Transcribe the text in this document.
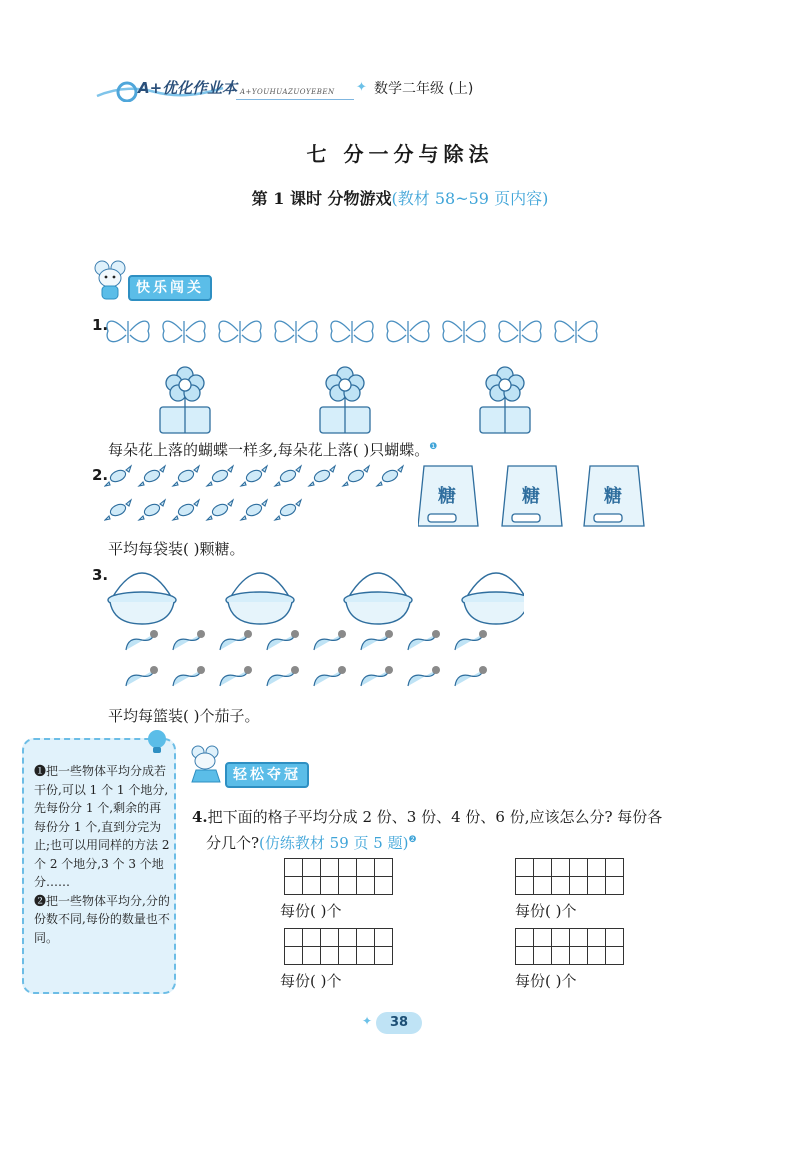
A+优化作业本 A+YOUHUAZUOYEBEN ✦ 数学二年级 (上)
七 分一分与除法
第 1 课时 分物游戏(教材 58~59 页内容)
快乐闯关
1.
每朵花上落的蝴蝶一样多,每朵花上落( )只蝴蝶。$^❶$
2.
糖	糖	糖
平均每袋装( )颗糖。
3.
平均每篮装( )个茄子。

❶把一些物体平均分成若干份,可以 1 个 1 个地分,先每份分 1 个,剩余的再每份分 1 个,直到分完为止;也可以用同样的方法 2 个 2 个地分,3 个 3 个地分……

❷把一些物体平均分,分的份数不同,每份的数量也不同。

轻松夺冠
4.把下面的格子平均分成 2 份、3 份、4 份、6 份,应该怎么分? 每份各
分几个?(仿练教材 59 页 5 题)$^❷$
每份( )个	每份( )个
每份( )个	每份( )个
✦	38
